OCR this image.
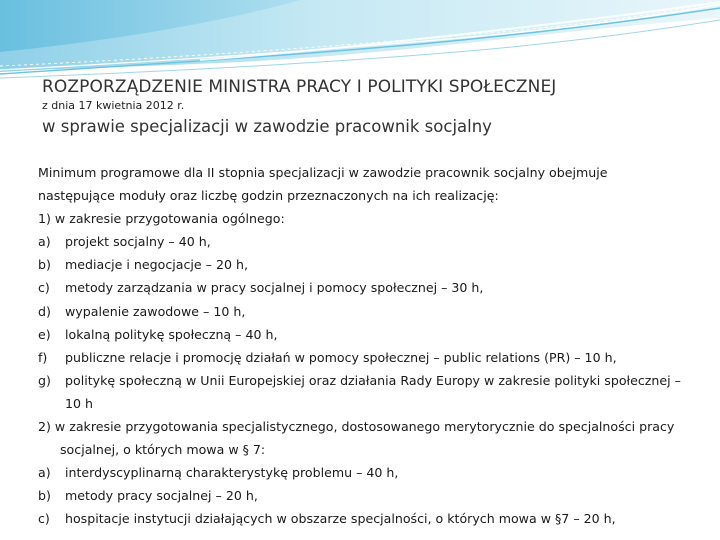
ROZPORZĄDZENIE MINISTRA PRACY I POLITYKI SPOŁECZNEJ
z dnia 17 kwietnia 2012 r.
w sprawie specjalizacji w zawodzie pracownik socjalny
Minimum programowe dla II stopnia specjalizacji w zawodzie pracownik socjalny obejmuje
następujące moduły oraz liczbę godzin przeznaczonych na ich realizację:
1) w zakresie przygotowania ogólnego:
a)	projekt socjalny – 40 h,
b)	mediacje i negocjacje – 20 h,
c)	metody zarządzania w pracy socjalnej i pomocy społecznej – 30 h,
d)	wypalenie zawodowe – 10 h,
e)	lokalną politykę społeczną – 40 h,
f)	publiczne relacje i promocję działań w pomocy społecznej – public relations (PR) – 10 h,
g)	politykę społeczną w Unii Europejskiej oraz działania Rady Europy w zakresie polityki społecznej –
10 h
2) w zakresie przygotowania specjalistycznego, dostosowanego merytorycznie do specjalności pracy
socjalnej, o których mowa w § 7:
a)	interdyscyplinarną charakterystykę problemu – 40 h,
b)	metody pracy socjalnej – 20 h,
c)	hospitacje instytucji działających w obszarze specjalności, o których mowa w §7 – 20 h,
